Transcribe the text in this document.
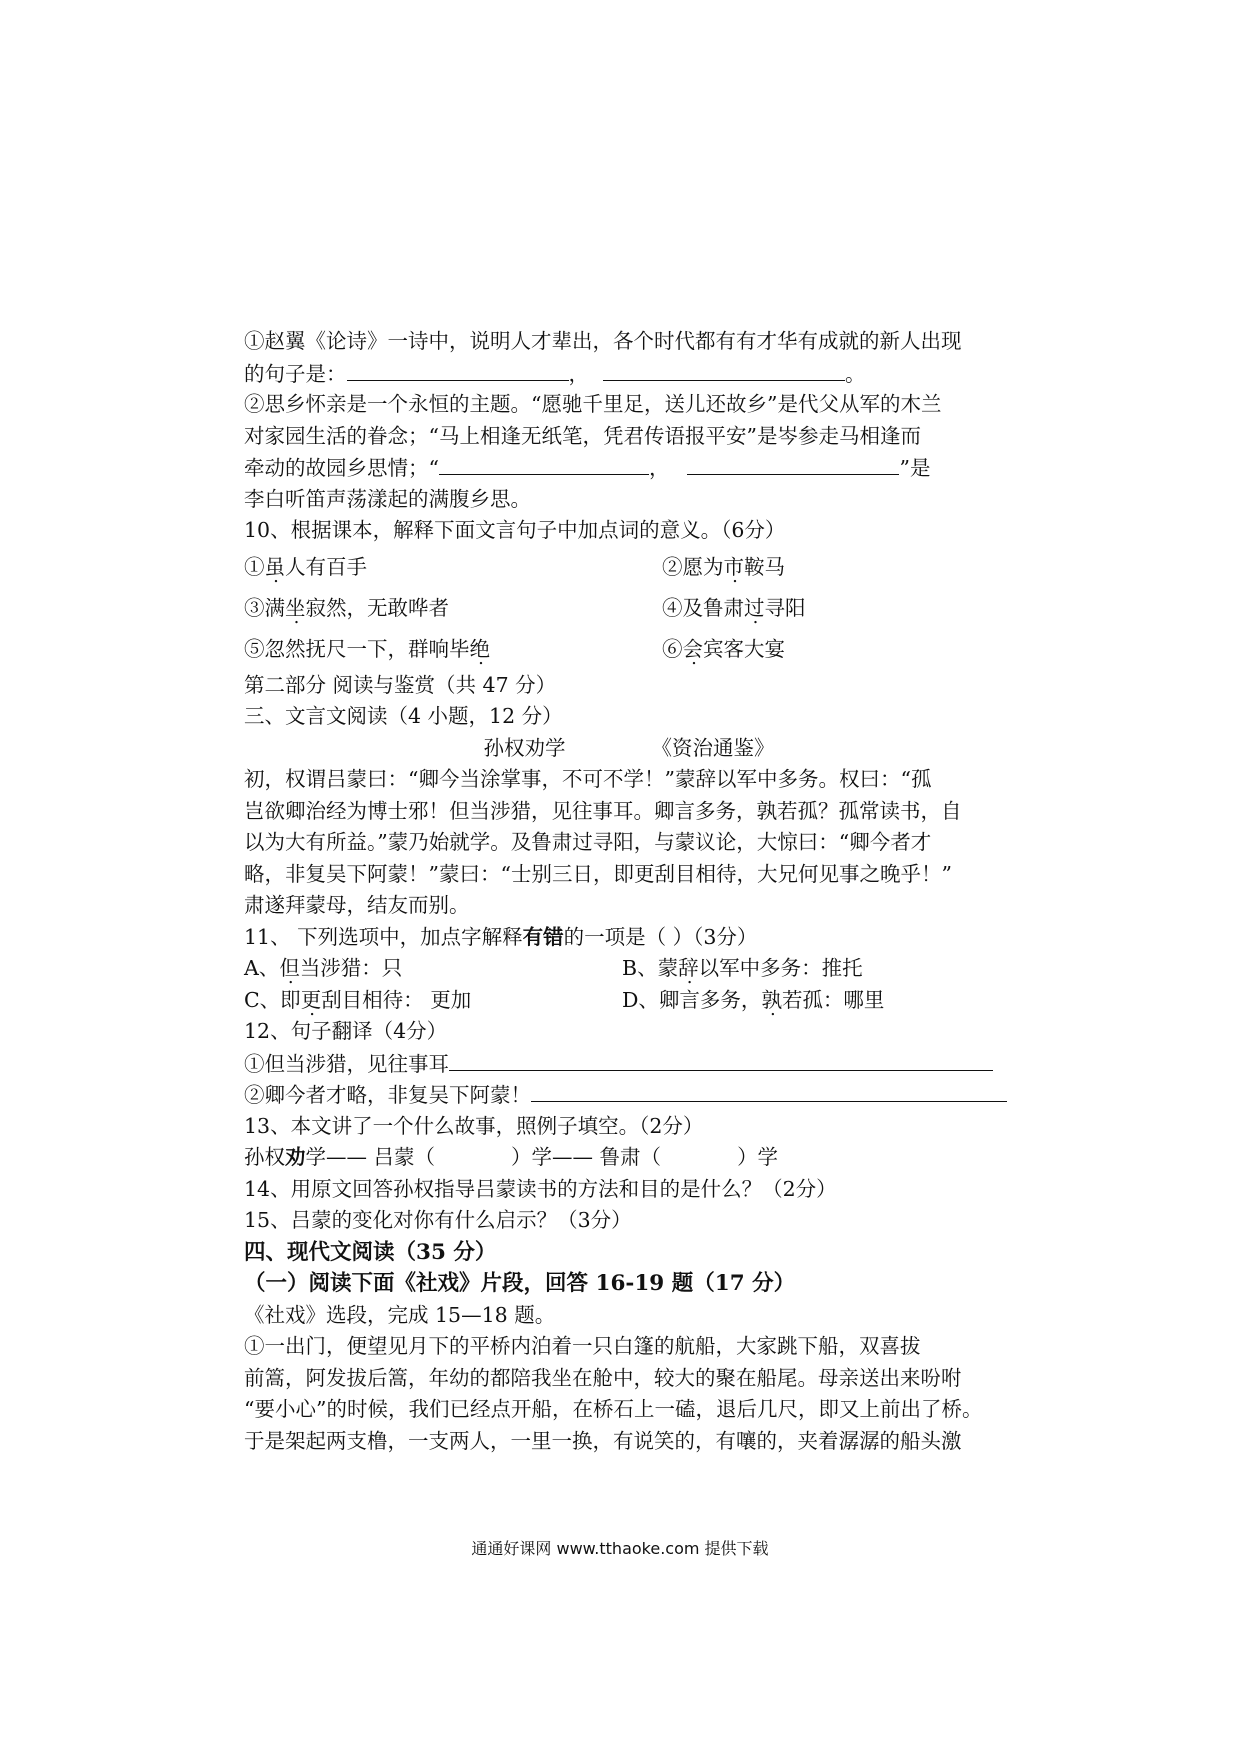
①赵翼《论诗》一诗中，说明人才辈出，各个时代都有有才华有成就的新人出现
的句子是：	，	。
②思乡怀亲是一个永恒的主题。“愿驰千里足，送儿还故乡”是代父从军的木兰
对家园生活的眷念；“马上相逢无纸笔，凭君传语报平安”是岑参走马相逢而
牵动的故园乡思情；“	，	”是
李白听笛声荡漾起的满腹乡思。
10、根据课本，解释下面文言句子中加点词的意义。（6分）
①虽人有百手	②愿为市鞍马
③满坐寂然，无敢哗者	④及鲁肃过寻阳
⑤忽然抚尺一下，群响毕绝	⑥会宾客大宴
第二部分 阅读与鉴赏（共 47 分）
三、文言文阅读（4 小题，12 分）
孙权劝学	《资治通鉴》
初，权谓吕蒙曰：“卿今当涂掌事，不可不学！”蒙辞以军中多务。权曰：“孤
岂欲卿治经为博士邪！但当涉猎，见往事耳。卿言多务，孰若孤？孤常读书，自
以为大有所益。”蒙乃始就学。及鲁肃过寻阳，与蒙议论，大惊曰：“卿今者才
略，非复吴下阿蒙！”蒙曰：“士别三日，即更刮目相待，大兄何见事之晚乎！”
肃遂拜蒙母，结友而别。
11、 下列选项中，加点字解释有错的一项是（ ）（3分）
A、但当涉猎：只	B、蒙辞以军中多务：推托
C、即更刮目相待： 更加	D、卿言多务，孰若孤：哪里
12、句子翻译（4分）
①但当涉猎，见往事耳
②卿今者才略，非复吴下阿蒙！
13、本文讲了一个什么故事，照例子填空。（2分）
孙权劝学—— 吕蒙（	）学—— 鲁肃（	）学
14、用原文回答孙权指导吕蒙读书的方法和目的是什么？（2分）
15、吕蒙的变化对你有什么启示？（3分）
四、现代文阅读（35 分）
（一）阅读下面《社戏》片段，回答 16-19 题（17 分）
《社戏》选段，完成 15—18 题。
①一出门，便望见月下的平桥内泊着一只白篷的航船，大家跳下船，双喜拔
前篙，阿发拔后篙，年幼的都陪我坐在舱中，较大的聚在船尾。母亲送出来吩咐
“要小心”的时候，我们已经点开船，在桥石上一磕，退后几尺，即又上前出了桥。
于是架起两支橹，一支两人，一里一换，有说笑的，有嚷的，夹着潺潺的船头激
通通好课网 www.tthaoke.com 提供下载
